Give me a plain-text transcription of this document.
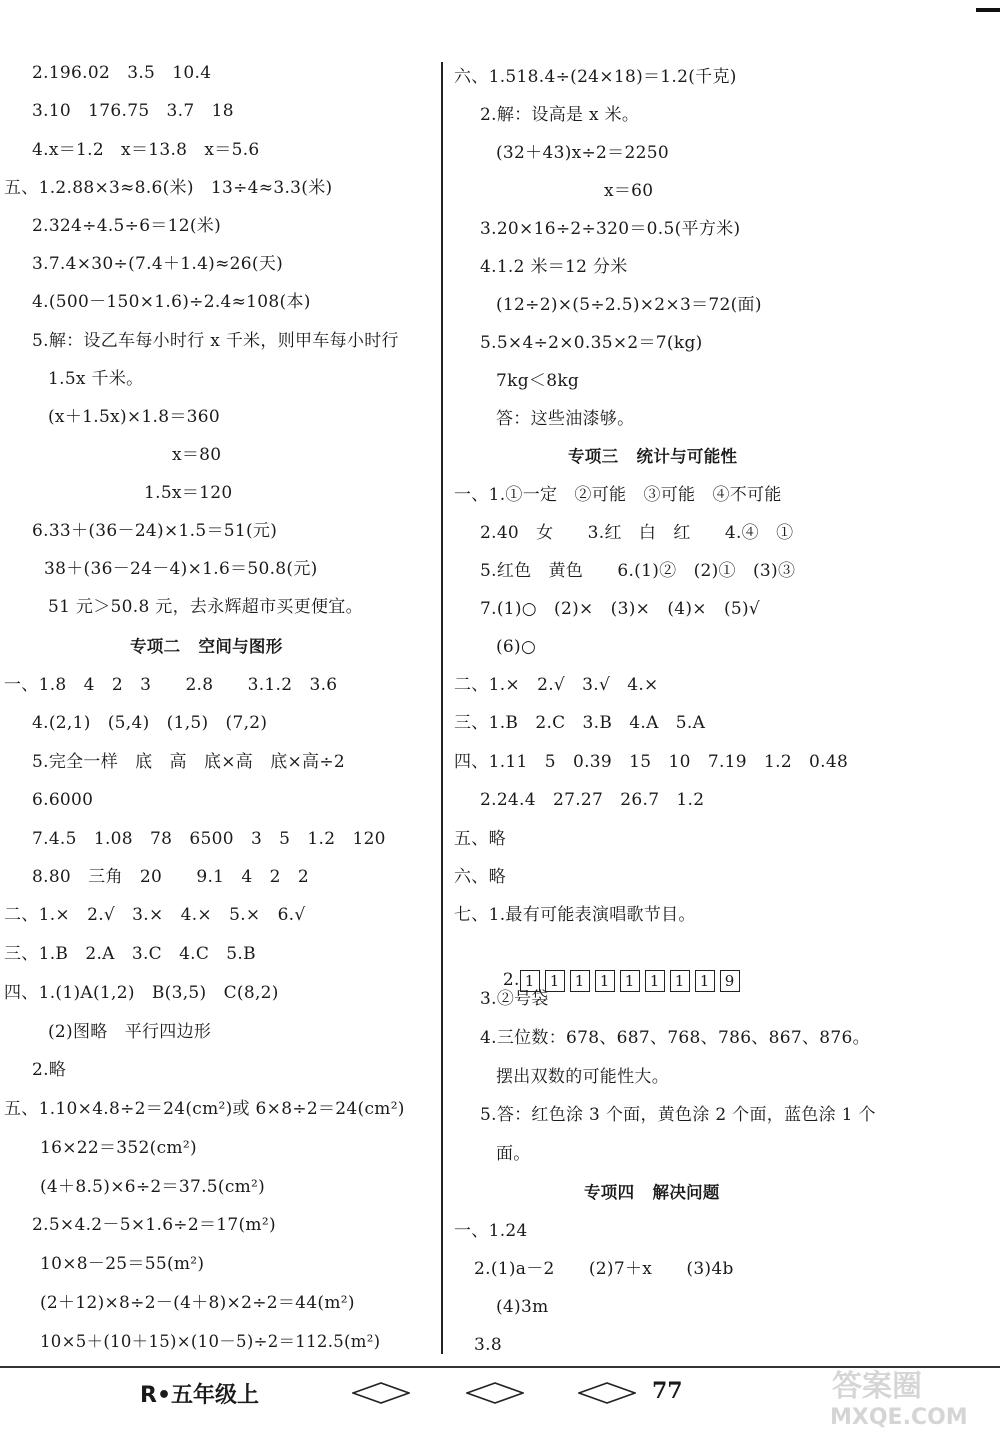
2.196.02   3.5   10.4
3.10   176.75   3.7   18
4.x＝1.2   x＝13.8   x＝5.6
五、1.2.88×3≈8.6(米)   13÷4≈3.3(米)
2.324÷4.5÷6＝12(米)
3.7.4×30÷(7.4＋1.4)≈26(天)
4.(500－150×1.6)÷2.4≈108(本)
5.解：设乙车每小时行 x 千米，则甲车每小时行
1.5x 千米。
(x＋1.5x)×1.8＝360
x＝80
1.5x＝120
6.33＋(36－24)×1.5＝51(元)
38＋(36－24－4)×1.6＝50.8(元)
51 元＞50.8 元，去永辉超市买更便宜。
专项二   空间与图形
一、1.8   4   2   3      2.8      3.1.2   3.6
4.(2,1)   (5,4)   (1,5)   (7,2)
5.完全一样   底   高   底×高   底×高÷2
6.6000
7.4.5   1.08   78   6500   3   5   1.2   120
8.80   三角   20      9.1   4   2   2
二、1.×   2.√   3.×   4.×   5.×   6.√
三、1.B   2.A   3.C   4.C   5.B
四、1.(1)A(1,2)   B(3,5)   C(8,2)
(2)图略   平行四边形
2.略
五、1.10×4.8÷2＝24(cm²)或 6×8÷2＝24(cm²)
16×22＝352(cm²)
(4＋8.5)×6÷2＝37.5(cm²)
2.5×4.2－5×1.6÷2＝17(m²)
10×8－25＝55(m²)
(2＋12)×8÷2－(4＋8)×2÷2＝44(m²)
10×5＋(10＋15)×(10－5)÷2＝112.5(m²)
六、1.518.4÷(24×18)＝1.2(千克)
2.解：设高是 x 米。
(32＋43)x÷2＝2250
x＝60
3.20×16÷2÷320＝0.5(平方米)
4.1.2 米＝12 分米
(12÷2)×(5÷2.5)×2×3＝72(面)
5.5×4÷2×0.35×2＝7(kg)
7kg＜8kg
答：这些油漆够。
专项三   统计与可能性
一、1.①一定   ②可能   ③可能   ④不可能
2.40   女      3.红   白   红      4.④   ①
5.红色   黄色      6.(1)②   (2)①   (3)③
7.(1)○   (2)×   (3)×   (4)×   (5)√
(6)○
二、1.×   2.√   3.√   4.×
三、1.B   2.C   3.B   4.A   5.A
四、1.11   5   0.39   15   10   7.19   1.2   0.48
2.24.4   27.27   26.7   1.2
五、略
六、略
七、1.最有可能表演唱歌节目。

2. 1 1 1 1 1 1 1 1 9

3.②号袋
4.三位数：678、687、768、786、867、876。
摆出双数的可能性大。
5.答：红色涂 3 个面，黄色涂 2 个面，蓝色涂 1 个
面。
专项四   解决问题
一、1.24
2.(1)a－2      (2)7＋x      (3)4b
(4)3m
3.8
R•五年级上	77	答案圈
MXQE.COM
